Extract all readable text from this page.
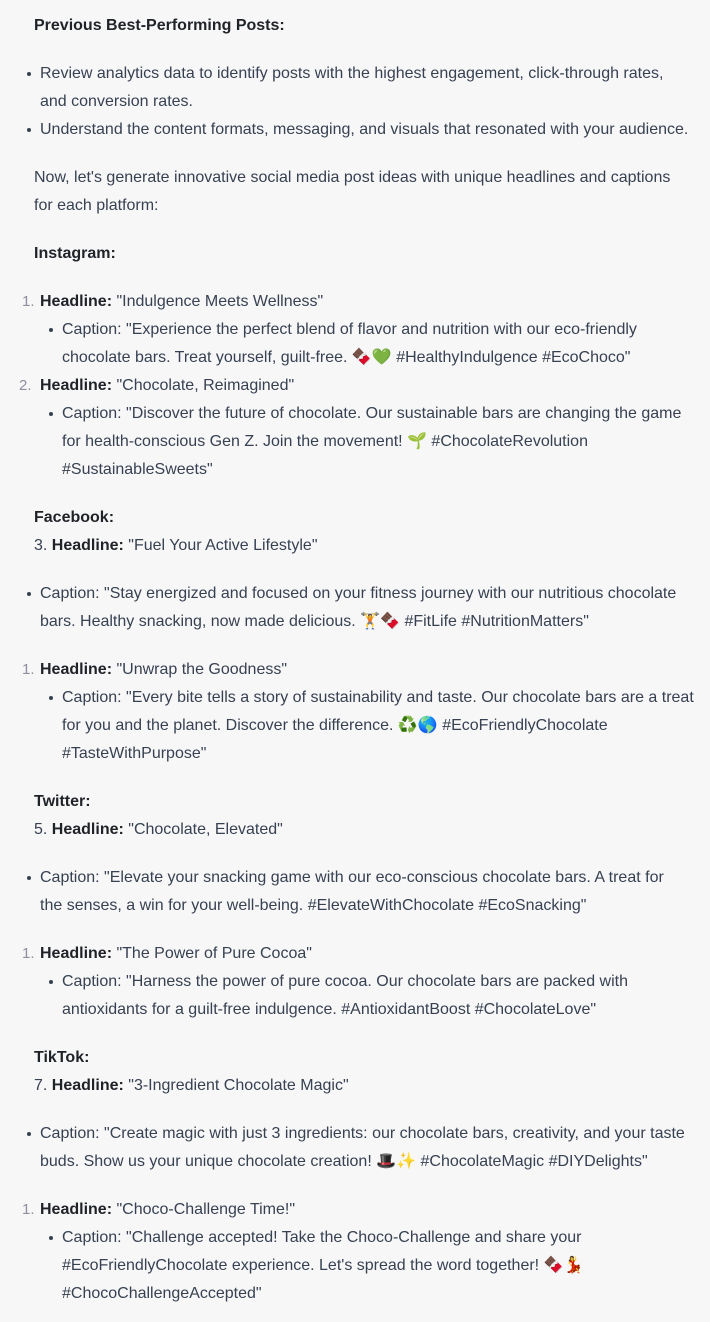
Previous Best-Performing Posts:
Review analytics data to identify posts with the highest engagement, click-through rates,
and conversion rates.
Understand the content formats, messaging, and visuals that resonated with your audience.
Now, let's generate innovative social media post ideas with unique headlines and captions
for each platform:
Instagram:
1. Headline: "Indulgence Meets Wellness"
Caption: "Experience the perfect blend of flavor and nutrition with our eco-friendly
chocolate bars. Treat yourself, guilt-free. 🍫💚 #HealthyIndulgence #EcoChoco"
2. Headline: "Chocolate, Reimagined"
Caption: "Discover the future of chocolate. Our sustainable bars are changing the game
for health-conscious Gen Z. Join the movement! 🌱 #ChocolateRevolution
#SustainableSweets"
Facebook:
3. Headline: "Fuel Your Active Lifestyle"
Caption: "Stay energized and focused on your fitness journey with our nutritious chocolate
bars. Healthy snacking, now made delicious. 🏋️🍫 #FitLife #NutritionMatters"
1. Headline: "Unwrap the Goodness"
Caption: "Every bite tells a story of sustainability and taste. Our chocolate bars are a treat
for you and the planet. Discover the difference. ♻️🌎 #EcoFriendlyChocolate
#TasteWithPurpose"
Twitter:
5. Headline: "Chocolate, Elevated"
Caption: "Elevate your snacking game with our eco-conscious chocolate bars. A treat for
the senses, a win for your well-being. #ElevateWithChocolate #EcoSnacking"
1. Headline: "The Power of Pure Cocoa"
Caption: "Harness the power of pure cocoa. Our chocolate bars are packed with
antioxidants for a guilt-free indulgence. #AntioxidantBoost #ChocolateLove"
TikTok:
7. Headline: "3-Ingredient Chocolate Magic"
Caption: "Create magic with just 3 ingredients: our chocolate bars, creativity, and your taste
buds. Show us your unique chocolate creation! 🎩✨ #ChocolateMagic #DIYDelights"
1. Headline: "Choco-Challenge Time!"
Caption: "Challenge accepted! Take the Choco-Challenge and share your
#EcoFriendlyChocolate experience. Let's spread the word together! 🍫💃
#ChocoChallengeAccepted"
